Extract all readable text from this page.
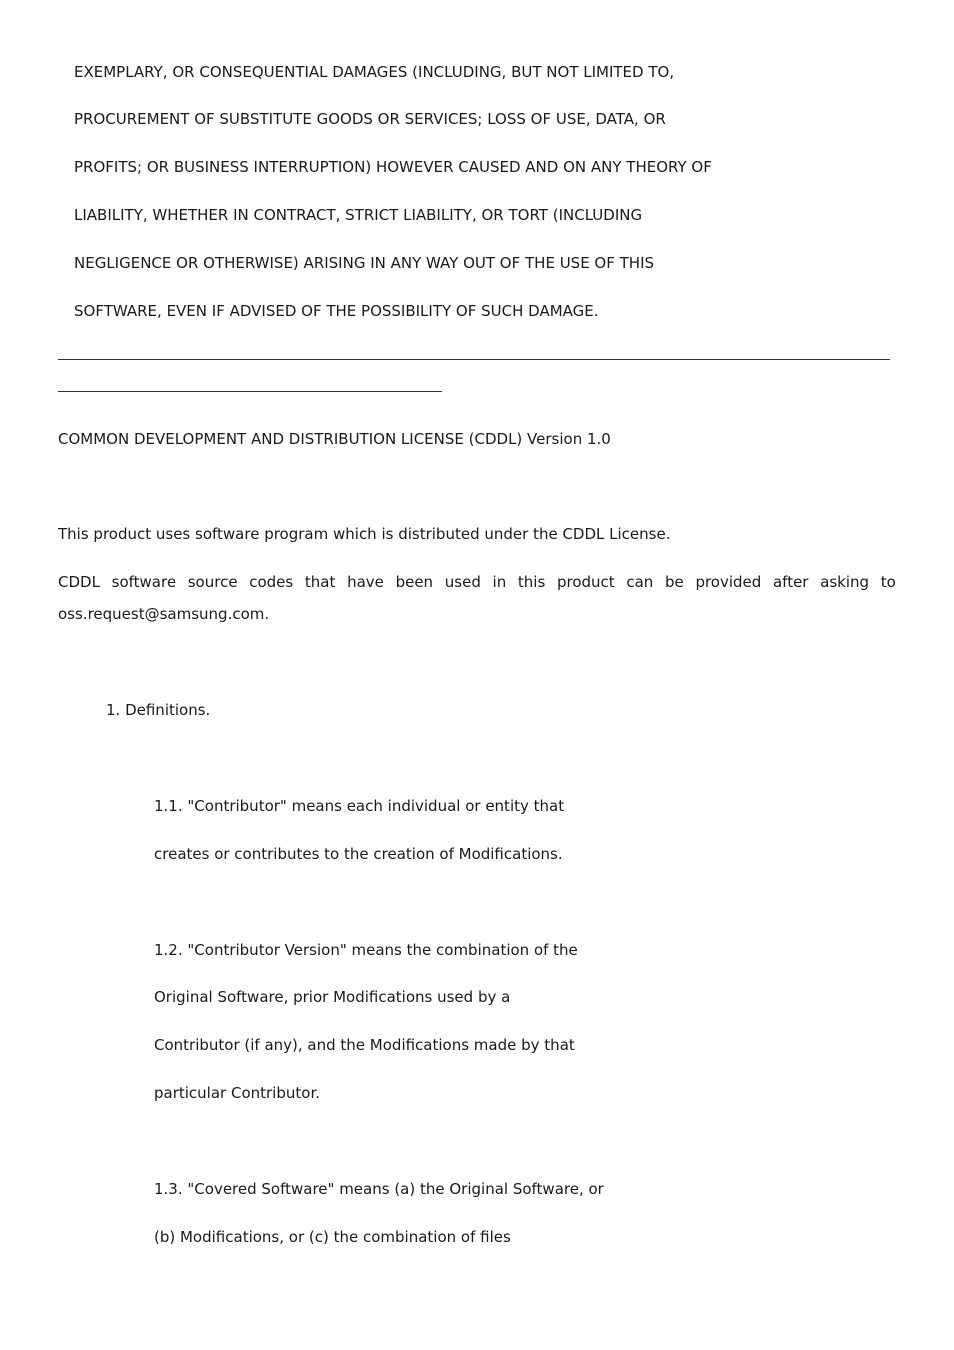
EXEMPLARY, OR CONSEQUENTIAL DAMAGES (INCLUDING, BUT NOT LIMITED TO,

PROCUREMENT OF SUBSTITUTE GOODS OR SERVICES; LOSS OF USE, DATA, OR

PROFITS; OR BUSINESS INTERRUPTION) HOWEVER CAUSED AND ON ANY THEORY OF

LIABILITY, WHETHER IN CONTRACT, STRICT LIABILITY, OR TORT (INCLUDING

NEGLIGENCE OR OTHERWISE) ARISING IN ANY WAY OUT OF THE USE OF THIS

SOFTWARE, EVEN IF ADVISED OF THE POSSIBILITY OF SUCH DAMAGE.

COMMON DEVELOPMENT AND DISTRIBUTION LICENSE (CDDL) Version 1.0

This product uses software program which is distributed under the CDDL License.

CDDL software source codes that have been used in this product can be provided after asking to

oss.request@samsung.com.

1. Definitions.

1.1. "Contributor" means each individual or entity that

creates or contributes to the creation of Modifications.

1.2. "Contributor Version" means the combination of the

Original Software, prior Modifications used by a

Contributor (if any), and the Modifications made by that

particular Contributor.

1.3. "Covered Software" means (a) the Original Software, or

(b) Modifications, or (c) the combination of files
